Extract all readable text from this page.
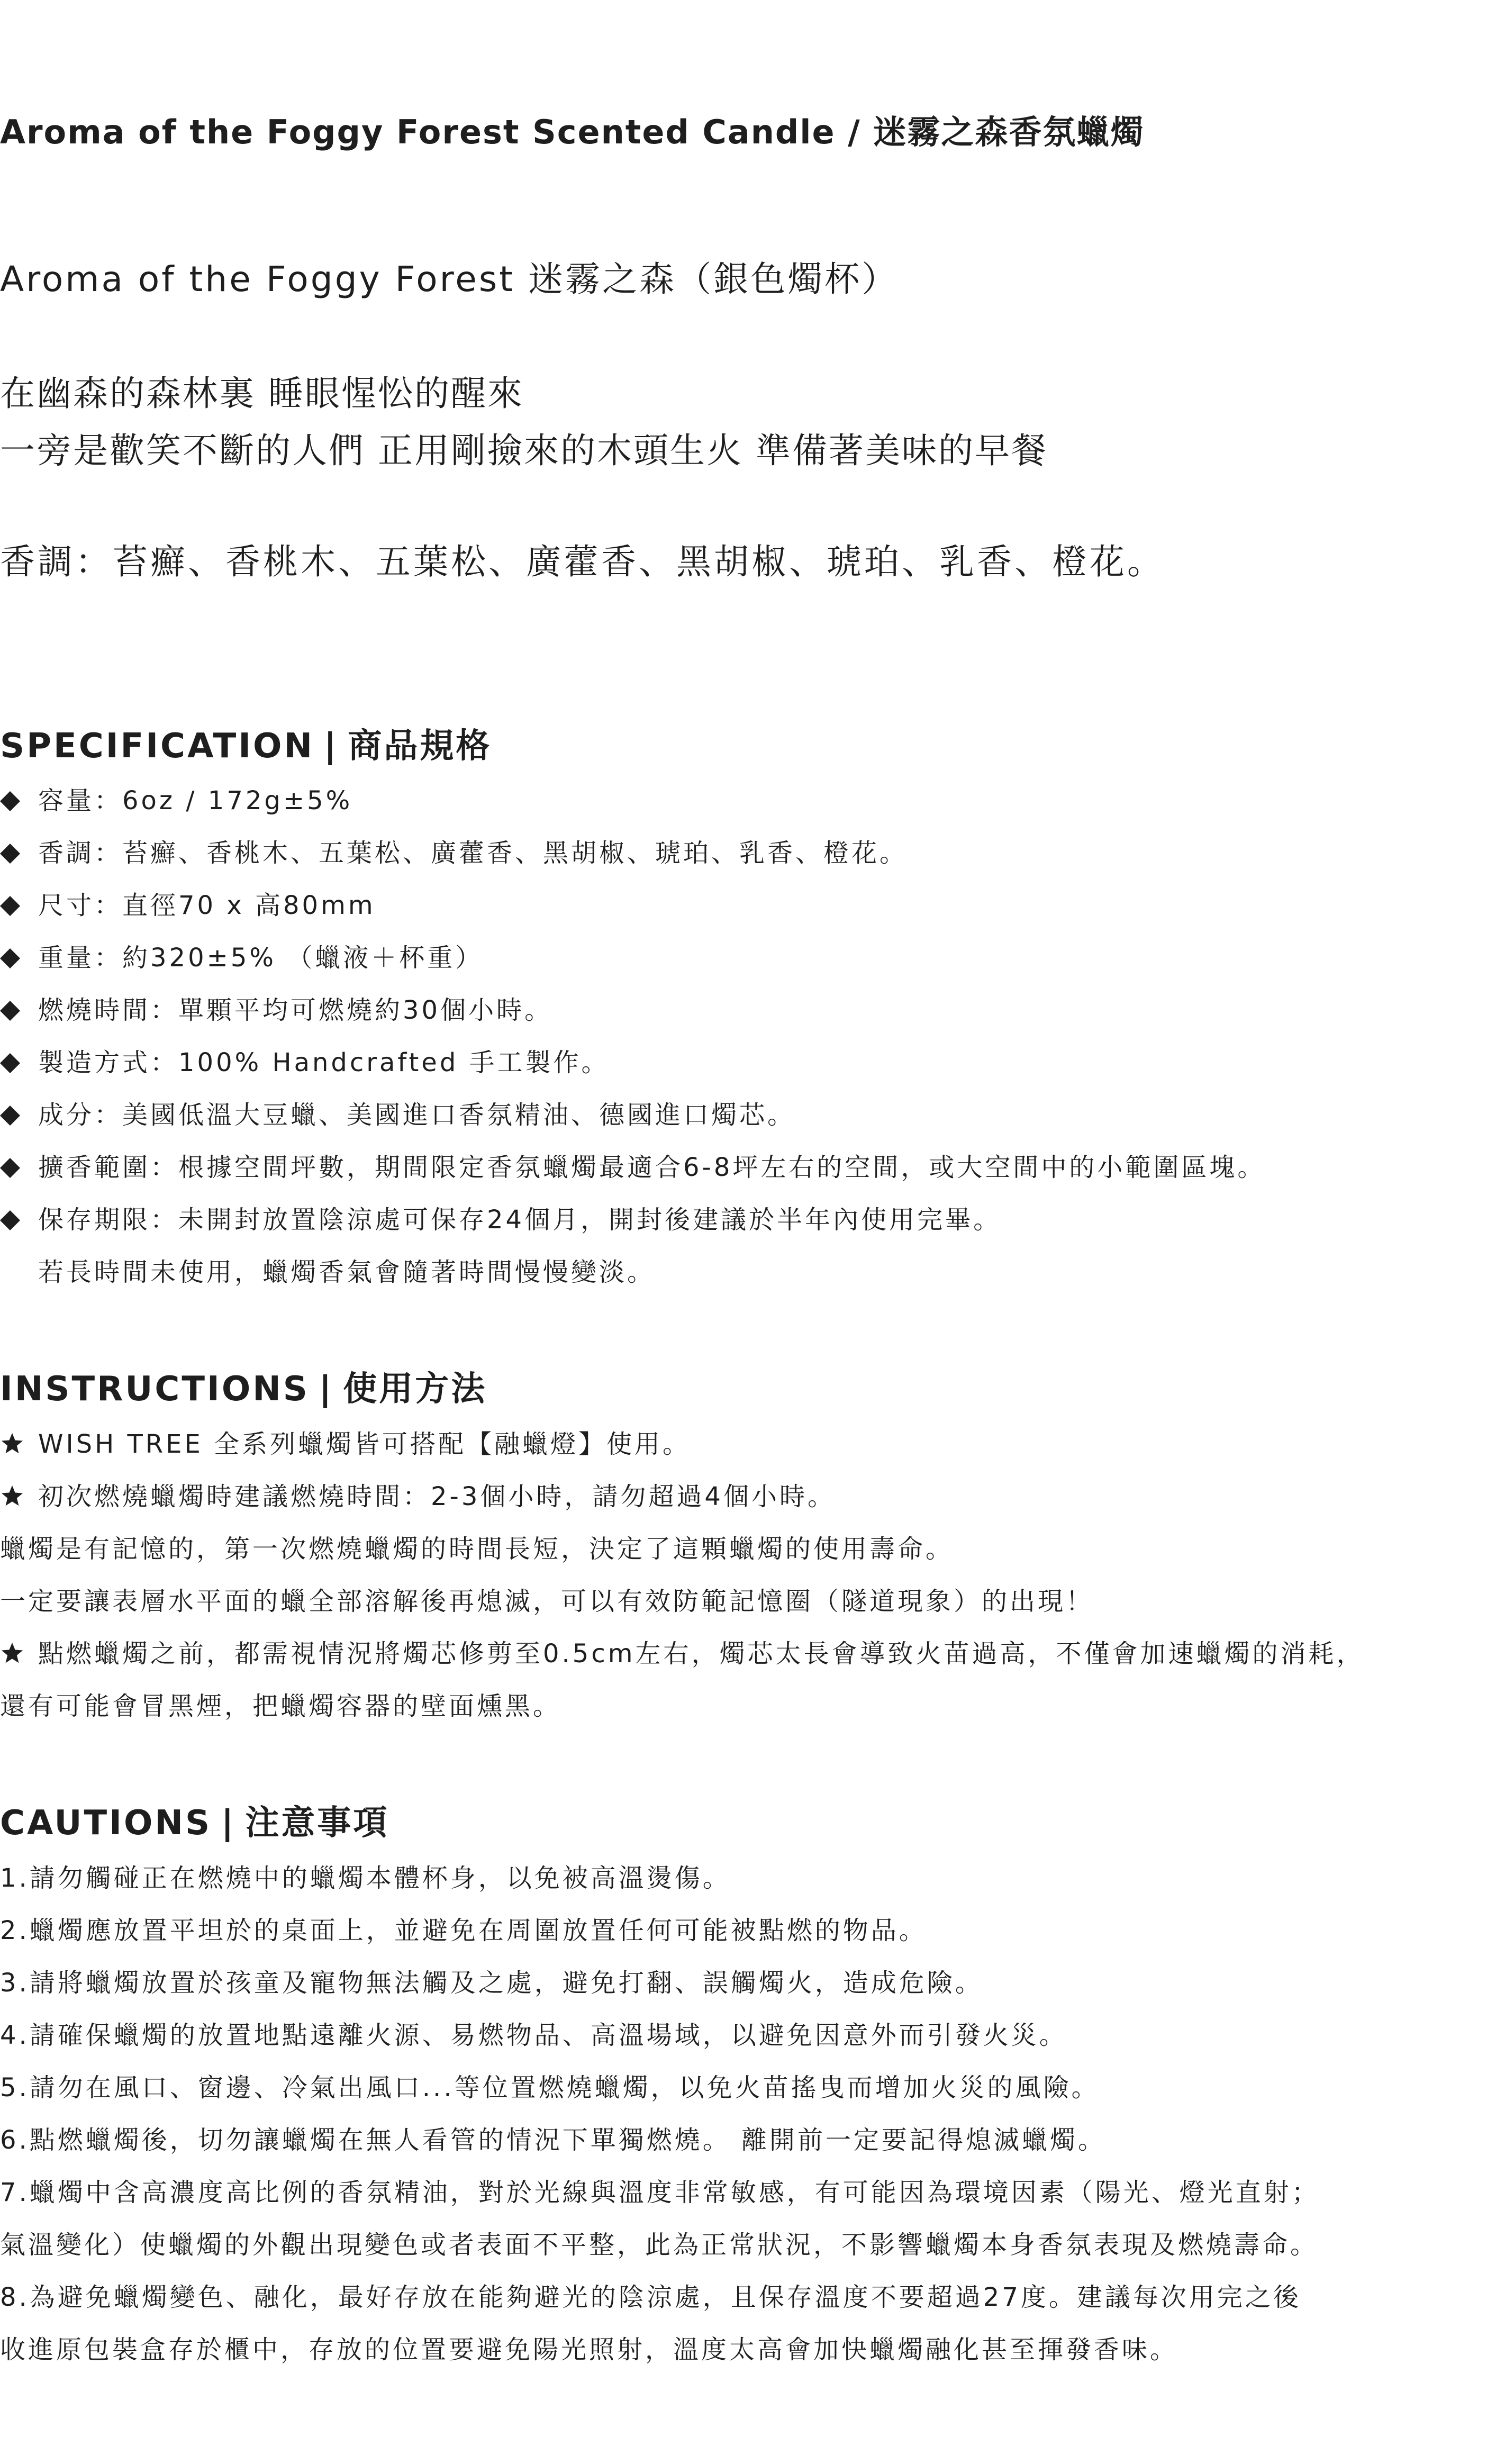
Aroma of the Foggy Forest Scented Candle / 迷霧之森香氛蠟燭
Aroma of the Foggy Forest 迷霧之森（銀色燭杯）
在幽森的森林裏 睡眼惺忪的醒來
一旁是歡笑不斷的人們 正用剛撿來的木頭生火 準備著美味的早餐
香調：苔癬、香桃木、五葉松、廣藿香、黑胡椒、琥珀、乳香、橙花。
SPECIFICATION | 商品規格
容量：6oz / 172g±5%
香調：苔癬、香桃木、五葉松、廣藿香、黑胡椒、琥珀、乳香、橙花。
尺寸：直徑70 x 高80mm
重量：約320±5% （蠟液＋杯重）
燃燒時間：單顆平均可燃燒約30個小時。
製造方式：100% Handcrafted 手工製作。
成分：美國低溫大豆蠟、美國進口香氛精油、德國進口燭芯。
擴香範圍：根據空間坪數，期間限定香氛蠟燭最適合6-8坪左右的空間，或大空間中的小範圍區塊。
保存期限：未開封放置陰涼處可保存24個月，開封後建議於半年內使用完畢。
若長時間未使用，蠟燭香氣會隨著時間慢慢變淡。
INSTRUCTIONS | 使用方法
WISH TREE 全系列蠟燭皆可搭配【融蠟燈】使用。
初次燃燒蠟燭時建議燃燒時間：2-3個小時，請勿超過4個小時。
蠟燭是有記憶的，第一次燃燒蠟燭的時間長短，決定了這顆蠟燭的使用壽命。
一定要讓表層水平面的蠟全部溶解後再熄滅，可以有效防範記憶圈（隧道現象）的出現！
點燃蠟燭之前，都需視情況將燭芯修剪至0.5cm左右，燭芯太長會導致火苗過高，不僅會加速蠟燭的消耗，
還有可能會冒黑煙，把蠟燭容器的壁面燻黑。
CAUTIONS | 注意事項
1.請勿觸碰正在燃燒中的蠟燭本體杯身，以免被高溫燙傷。
2.蠟燭應放置平坦於的桌面上，並避免在周圍放置任何可能被點燃的物品。
3.請將蠟燭放置於孩童及寵物無法觸及之處，避免打翻、誤觸燭火，造成危險。
4.請確保蠟燭的放置地點遠離火源、易燃物品、高溫場域，以避免因意外而引發火災。
5.請勿在風口、窗邊、冷氣出風口...等位置燃燒蠟燭，以免火苗搖曳而增加火災的風險。
6.點燃蠟燭後，切勿讓蠟燭在無人看管的情況下單獨燃燒。 離開前一定要記得熄滅蠟燭。
7.蠟燭中含高濃度高比例的香氛精油，對於光線與溫度非常敏感，有可能因為環境因素（陽光、燈光直射；
氣溫變化）使蠟燭的外觀出現變色或者表面不平整，此為正常狀況，不影響蠟燭本身香氛表現及燃燒壽命。
8.為避免蠟燭變色、融化，最好存放在能夠避光的陰涼處，且保存溫度不要超過27度。建議每次用完之後
收進原包裝盒存於櫃中，存放的位置要避免陽光照射，溫度太高會加快蠟燭融化甚至揮發香味。
